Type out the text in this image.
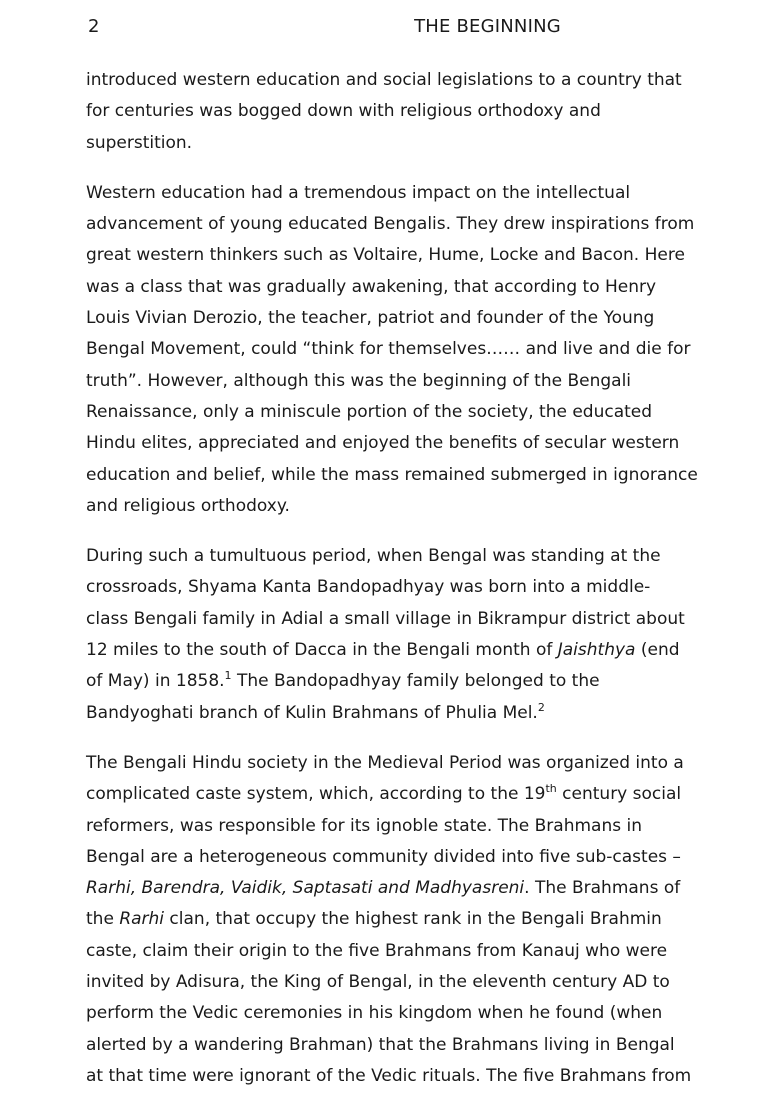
2	THE BEGINNING

introduced western education and social legislations to a country that
for centuries was bogged down with religious orthodoxy and
superstition.

Western education had a tremendous impact on the intellectual
advancement of young educated Bengalis. They drew inspirations from
great western thinkers such as Voltaire, Hume, Locke and Bacon. Here
was a class that was gradually awakening, that according to Henry
Louis Vivian Derozio, the teacher, patriot and founder of the Young
Bengal Movement, could “think for themselves…… and live and die for
truth”. However, although this was the beginning of the Bengali
Renaissance, only a miniscule portion of the society, the educated
Hindu elites, appreciated and enjoyed the benefits of secular western
education and belief, while the mass remained submerged in ignorance
and religious orthodoxy.

During such a tumultuous period, when Bengal was standing at the
crossroads, Shyama Kanta Bandopadhyay was born into a middle-
class Bengali family in Adial a small village in Bikrampur district about
12 miles to the south of Dacca in the Bengali month of Jaishthya (end
of May) in 1858.$^1$ The Bandopadhyay family belonged to the
Bandyoghati branch of Kulin Brahmans of Phulia Mel.$^2$

The Bengali Hindu society in the Medieval Period was organized into a
complicated caste system, which, according to the 19th century social
reformers, was responsible for its ignoble state. The Brahmans in
Bengal are a heterogeneous community divided into five sub-castes –
Rarhi, Barendra, Vaidik, Saptasati and Madhyasreni. The Brahmans of
the Rarhi clan, that occupy the highest rank in the Bengali Brahmin
caste, claim their origin to the five Brahmans from Kanauj who were
invited by Adisura, the King of Bengal, in the eleventh century AD to
perform the Vedic ceremonies in his kingdom when he found (when
alerted by a wandering Brahman) that the Brahmans living in Bengal
at that time were ignorant of the Vedic rituals. The five Brahmans from
